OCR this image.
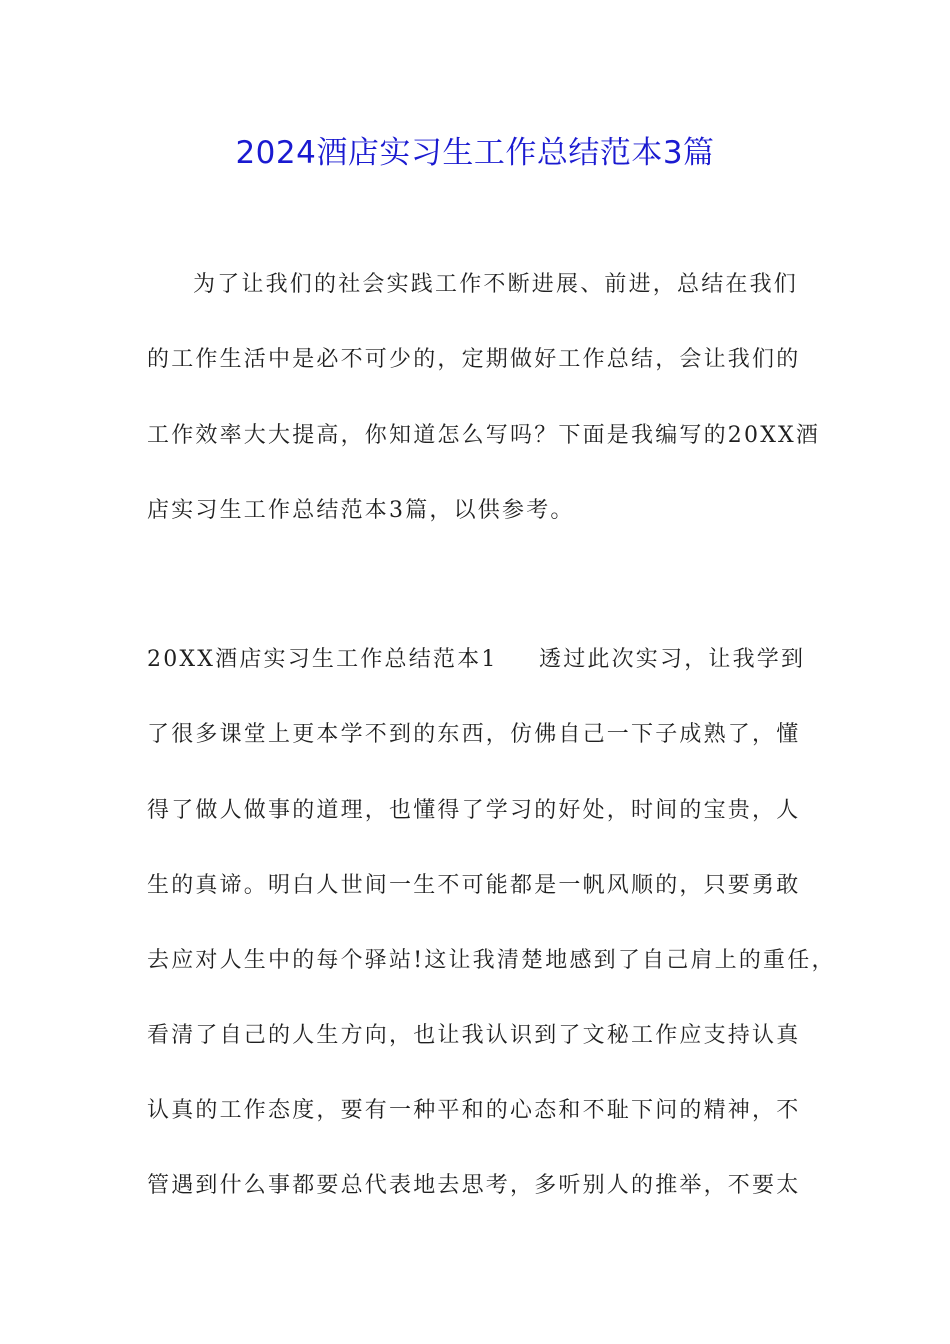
2024酒店实习生工作总结范本3篇
为了让我们的社会实践工作不断进展、前进，总结在我们
的工作生活中是必不可少的，定期做好工作总结，会让我们的
工作效率大大提高，你知道怎么写吗？下面是我编写的20XX酒
店实习生工作总结范本3篇，以供参考。
20XX酒店实习生工作总结范本1 透过此次实习，让我学到
了很多课堂上更本学不到的东西，仿佛自己一下子成熟了，懂
得了做人做事的道理，也懂得了学习的好处，时间的宝贵，人
生的真谛。明白人世间一生不可能都是一帆风顺的，只要勇敢
去应对人生中的每个驿站!这让我清楚地感到了自己肩上的重任，
看清了自己的人生方向，也让我认识到了文秘工作应支持认真
认真的工作态度，要有一种平和的心态和不耻下问的精神，不
管遇到什么事都要总代表地去思考，多听别人的推举，不要太
